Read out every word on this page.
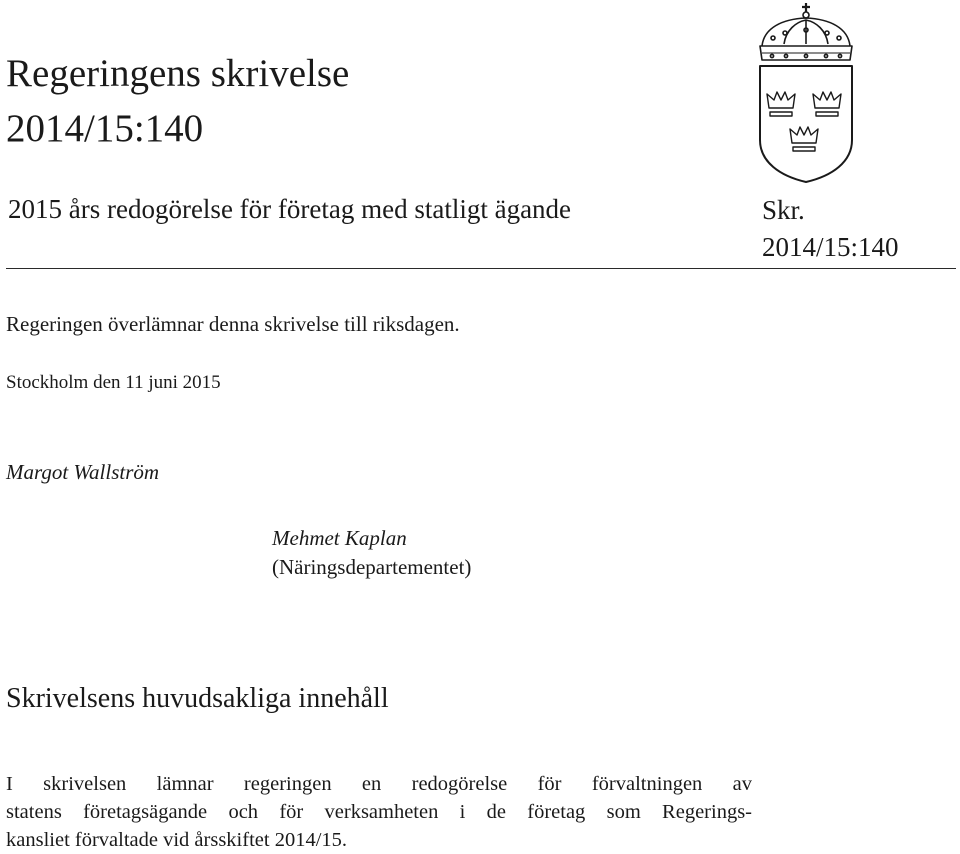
Regeringens skrivelse
2014/15:140
2015 års redogörelse för företag med statligt ägande	Skr.
2014/15:140
Regeringen överlämnar denna skrivelse till riksdagen.
Stockholm den 11 juni 2015
Margot Wallström
Mehmet Kaplan
(Näringsdepartementet)
Skrivelsens huvudsakliga innehåll
I skrivelsen lämnar regeringen en redogörelse för förvaltningen av
statens företagsägande och för verksamheten i de företag som Regerings-
kansliet förvaltade vid årsskiftet 2014/15.
